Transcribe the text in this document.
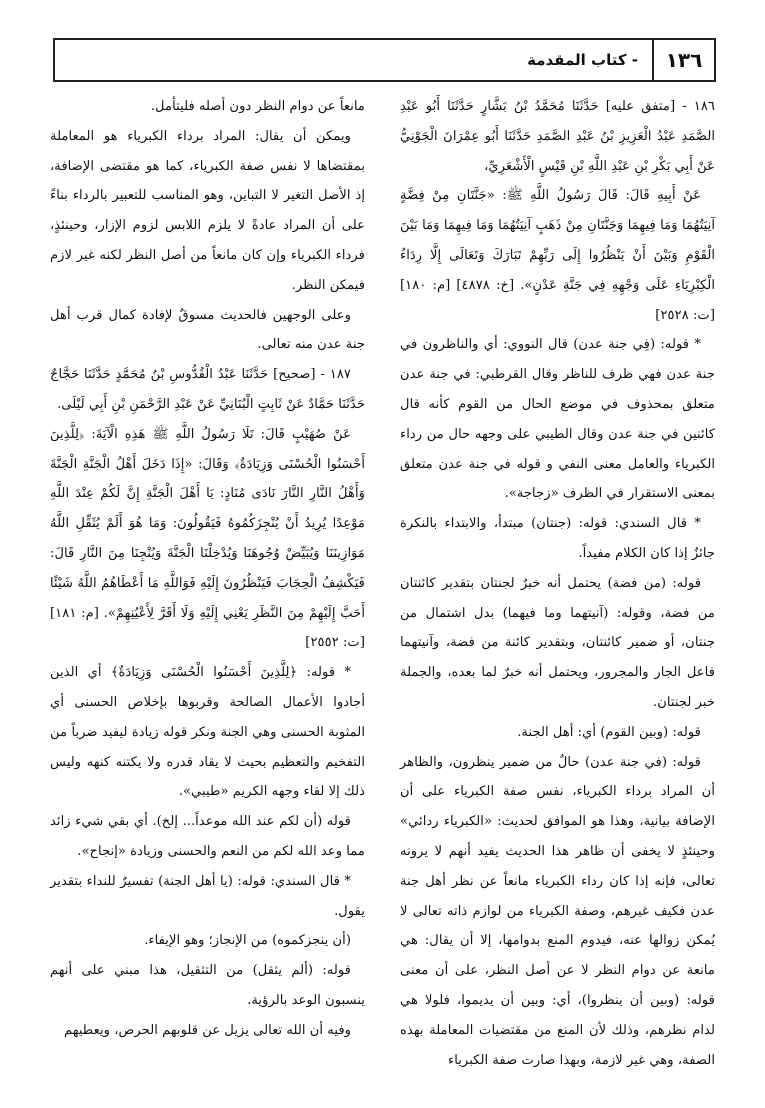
١٣٦
- كتاب المقدمة

١٨٦ - [متفق عليه] حَدَّثَنَا مُحَمَّدُ بْنُ بَشَّارٍ حَدَّثَنَا أَبُو عَبْدِ الصَّمَدِ عَبْدُ الْعَزِيزِ بْنُ عَبْدِ الصَّمَدِ حَدَّثَنَا أَبُو عِمْرَانَ الْجَوْنِيُّ عَنْ أَبِي بَكْرِ بْنِ عَبْدِ اللَّهِ بْنِ قَيْسٍ الْأَشْعَرِيِّ،

عَنْ أَبِيهِ قَالَ: قَالَ رَسُولُ اللَّهِ ﷺ: «جَنَّتَانِ مِنْ فِضَّةٍ آنِيَتُهُمَا وَمَا فِيهِمَا وَجَنَّتَانِ مِنْ ذَهَبٍ آنِيَتُهُمَا وَمَا فِيهِمَا وَمَا بَيْنَ الْقَوْمِ وَبَيْنَ أَنْ يَنْظُرُوا إِلَى رَبِّهِمْ تَبَارَكَ وَتَعَالَى إِلَّا رِدَاءُ الْكِبْرِيَاءِ عَلَى وَجْهِهِ فِي جَنَّةِ عَدْنٍ». [خ: ٤٨٧٨] [م: ١٨٠] [ت: ٢٥٢٨]

* قوله: (فِي جنة عدن) قال النووي: أي والناظرون في جنة عدن فهي ظرف للناظر وقال القرطبي: في جنة عدن متعلق بمحذوف في موضع الحال من القوم كأنه قال كائنين في جنة عدن وقال الطيبي على وجهه حال من رداء الكبرياء والعامل معنى النفي و قوله في جنة عدن متعلق بمعنى الاستقرار في الظرف «زجاجة».

* قال السندي: قوله: (جنتان) مبتدأ، والابتداء بالنكرة جائزٌ إذا كان الكلام مفيداً.

قوله: (من فضة) يحتمل أنه خبرٌ لجنتان بتقدير كائنتان من فضة، وقوله: (آنيتهما وما فيهما) بدل اشتمال من جنتان، أو ضمير كائنتان، وبتقدير كائنة من فضة، وآنيتهما فاعل الجار والمجرور، ويحتمل أنه خبرٌ لما بعده، والجملة خبر لجنتان.

قوله: (وبين القوم) أي: أهل الجنة.

قوله: (في جنة عدن) حالٌ من ضمير ينظرون، والظاهر أن المراد برداء الكبرياء، نفس صفة الكبرياء على أن الإضافة بيانية، وهذا هو الموافق لحديث: «الكبرياء ردائي» وحينئذٍ لا يخفى أن ظاهر هذا الحديث يفيد أنهم لا يرونه تعالى، فإنه إذا كان رداء الكبرياء مانعاً عن نظر أهل جنة عدن فكيف غيرهم، وصفة الكبرياء من لوازم ذاته تعالى لا يُمكن زوالها عنه، فيدوم المنع بدوامها، إلا أن يقال: هي مانعة عن دوام النظر لا عن أصل النظر، على أن معنى قوله: (وبين أن ينظروا)، أي: وبين أن يديموا، فلولا هي لدام نظرهم، وذلك لأن المنع من مقتضيات المعاملة بهذه الصفة، وهي غير لازمة، وبهذا صارت صفة الكبرياء

مانعاً عن دوام النظر دون أصله فليتأمل.

ويمكن أن يقال: المراد برداء الكبرياء هو المعاملة بمقتضاها لا نفس صفة الكبرياء، كما هو مقتضى الإضافة، إذ الأصل التغير لا التباين، وهو المناسب للتعبير بالرداء بناءً على أن المراد عادةً لا يلزم اللابس لزوم الإزار، وحينئذٍ، فرداء الكبرياء وإن كان مانعاً من أصل النظر لكنه غير لازم فيمكن النظر.

وعلى الوجهين فالحديث مسوقٌ لإفادة كمال قرب أهل جنة عدن منه تعالى.

١٨٧ - [صحيح] حَدَّثَنَا عَبْدُ الْقُدُّوسِ بْنُ مُحَمَّدٍ حَدَّثَنَا حَجَّاجٌ حَدَّثَنَا حَمَّادٌ عَنْ ثَابِتٍ الْبُنَانِيِّ عَنْ عَبْدِ الرَّحْمَنِ بْنِ أَبِي لَيْلَى.

عَنْ صُهَيْبٍ قَالَ: تَلَا رَسُولُ اللَّهِ ﷺ هَذِهِ الْآيَةَ: ﴿لِلَّذِينَ أَحْسَنُوا الْحُسْنَى وَزِيَادَةٌ﴾ وَقَالَ: «إِذَا دَخَلَ أَهْلُ الْجَنَّةِ الْجَنَّةَ وَأَهْلُ النَّارِ النَّارَ نَادَى مُنَادٍ: يَا أَهْلَ الْجَنَّةِ إِنَّ لَكُمْ عِنْدَ اللَّهِ مَوْعِدًا يُرِيدُ أَنْ يُنْجِزَكُمُوهُ فَيَقُولُونَ: وَمَا هُوَ أَلَمْ يُثَقِّلِ اللَّهُ مَوَازِينَنَا وَيُبَيِّضْ وُجُوهَنَا وَيُدْخِلْنَا الْجَنَّةَ وَيُنْجِنَا مِنَ النَّارِ قَالَ: فَيَكْشِفُ الْحِجَابَ فَيَنْظُرُونَ إِلَيْهِ فَوَاللَّهِ مَا أَعْطَاهُمُ اللَّهُ شَيْئًا أَحَبَّ إِلَيْهِمْ مِنَ النَّظَرِ يَعْنِي إِلَيْهِ وَلَا أَقَرَّ لِأَعْيُنِهِمْ». [م: ١٨١] [ت: ٢٥٥٢]

* قوله: ﴿لِلَّذِينَ أَحْسَنُوا الْحُسْنَى وَزِيَادَةٌ﴾ أي الذين أجادوا الأعمال الصالحة وقربوها بإخلاص الحسنى أي المثوبة الحسنى وهي الجنة ونكر قوله زيادة ليفيد ضرباً من التفخيم والتعظيم بحيث لا يقاد قدره ولا يكتنه كنهه وليس ذلك إلا لقاء وجهه الكريم «طيبي».

قوله (أن لكم عند الله موعداً... إلخ). أي بقي شيء زائد مما وعد الله لكم من النعم والحسنى وزيادة «إنجاح».

* قال السندي: قوله: (يا أهل الجنة) تفسيرٌ للنداء بتقدير يقول.

(أن ينجزكموه) من الإنجاز؛ وهو الإيفاء.

قوله: (ألم يثقل) من التثقيل، هذا مبني على أنهم ينسبون الوعد بالرؤية.

وفيه أن الله تعالى يزيل عن قلوبهم الحرص، ويعطيهم
